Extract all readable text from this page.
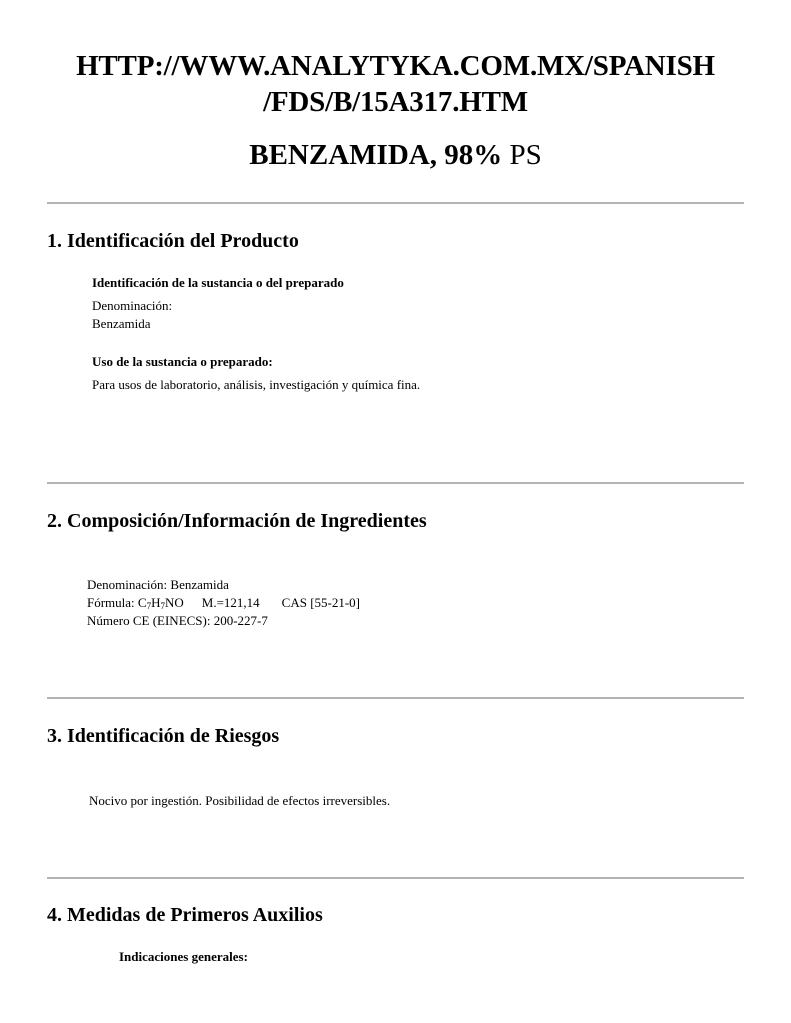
HTTP://WWW.ANALYTYKA.COM.MX/SPANISH
/FDS/B/15A317.HTM
BENZAMIDA, 98% PS
1. Identificación del Producto
Identificación de la sustancia o del preparado
Denominación:
Benzamida
Uso de la sustancia o preparado:
Para usos de laboratorio, análisis, investigación y química fina.
2. Composición/Información de Ingredientes
Denominación: Benzamida
Fórmula: $C_7H_7NO$ M.=121,14 CAS [55-21-0]
Número CE (EINECS): 200-227-7
3. Identificación de Riesgos
Nocivo por ingestión. Posibilidad de efectos irreversibles.
4. Medidas de Primeros Auxilios
Indicaciones generales:
